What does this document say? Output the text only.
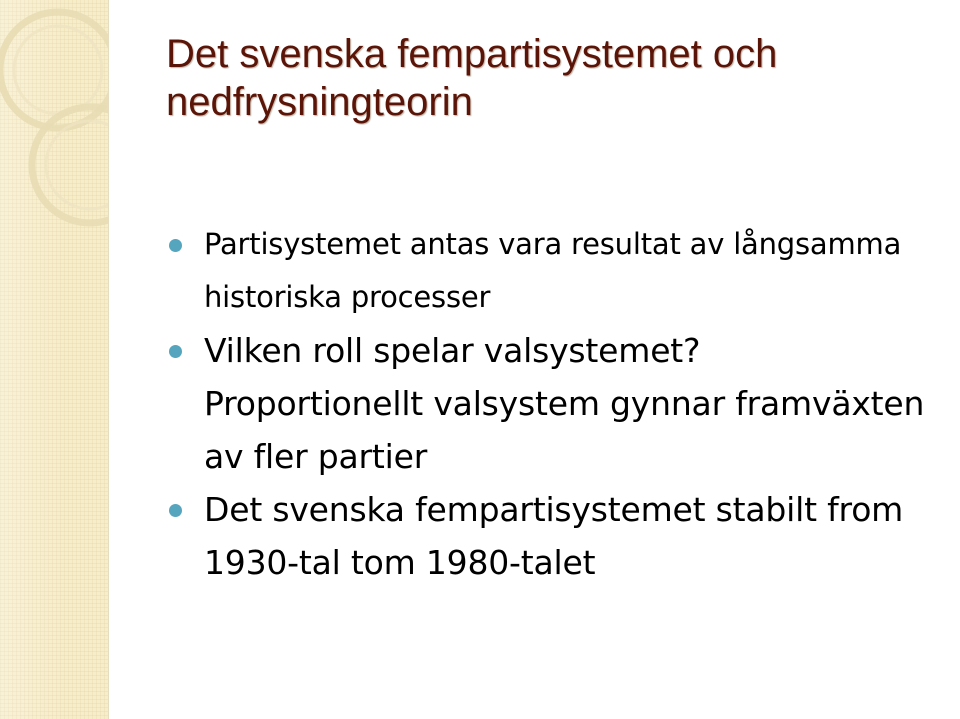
Det svenska fempartisystemet och nedfrysningteorin
Partisystemet antas vara resultat av långsamma historiska processer
Vilken roll spelar valsystemet?
Proportionellt valsystem gynnar framväxten av fler partier
Det svenska fempartisystemet stabilt from 1930-tal tom 1980-talet
